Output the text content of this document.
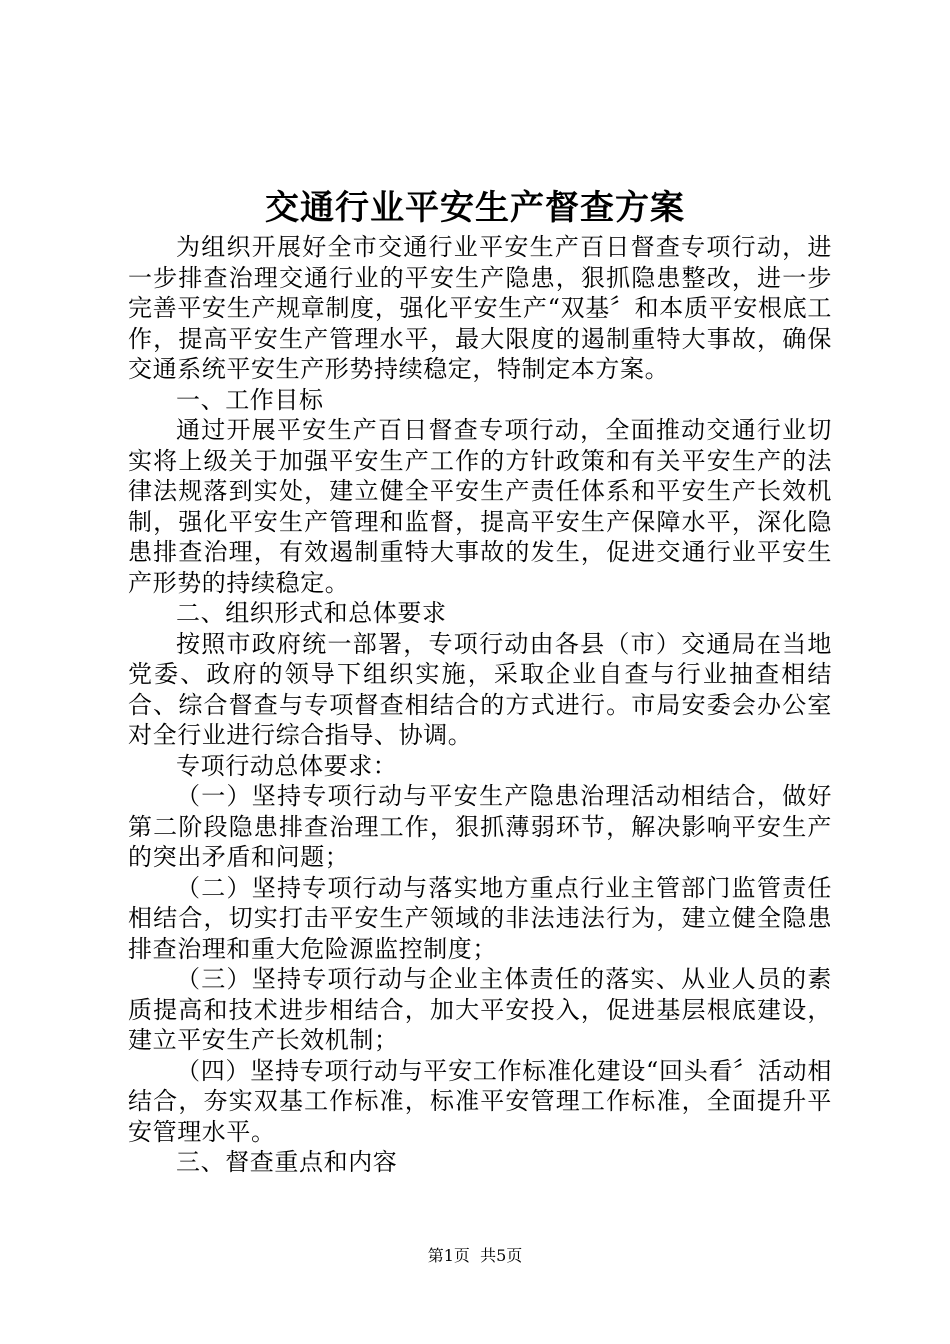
交通行业平安生产督查方案

为组织开展好全市交通行业平安生产百日督查专项行动，进一步排查治理交通行业的平安生产隐患，狠抓隐患整改，进一步完善平安生产规章制度，强化平安生产“双基〞和本质平安根底工作，提高平安生产管理水平，最大限度的遏制重特大事故，确保交通系统平安生产形势持续稳定，特制定本方案。

一、工作目标

通过开展平安生产百日督查专项行动，全面推动交通行业切实将上级关于加强平安生产工作的方针政策和有关平安生产的法律法规落到实处，建立健全平安生产责任体系和平安生产长效机制，强化平安生产管理和监督，提高平安生产保障水平，深化隐患排查治理，有效遏制重特大事故的发生，促进交通行业平安生产形势的持续稳定。

二、组织形式和总体要求

按照市政府统一部署，专项行动由各县（市）交通局在当地党委、政府的领导下组织实施，采取企业自查与行业抽查相结合、综合督查与专项督查相结合的方式进行。市局安委会办公室对全行业进行综合指导、协调。

专项行动总体要求：

（一）坚持专项行动与平安生产隐患治理活动相结合，做好第二阶段隐患排查治理工作，狠抓薄弱环节，解决影响平安生产的突出矛盾和问题；

（二）坚持专项行动与落实地方重点行业主管部门监管责任相结合，切实打击平安生产领域的非法违法行为，建立健全隐患排查治理和重大危险源监控制度；

（三）坚持专项行动与企业主体责任的落实、从业人员的素质提高和技术进步相结合，加大平安投入，促进基层根底建设，建立平安生产长效机制；

（四）坚持专项行动与平安工作标准化建设“回头看〞活动相结合，夯实双基工作标准，标准平安管理工作标准，全面提升平安管理水平。

三、督查重点和内容

第1页 共5页
